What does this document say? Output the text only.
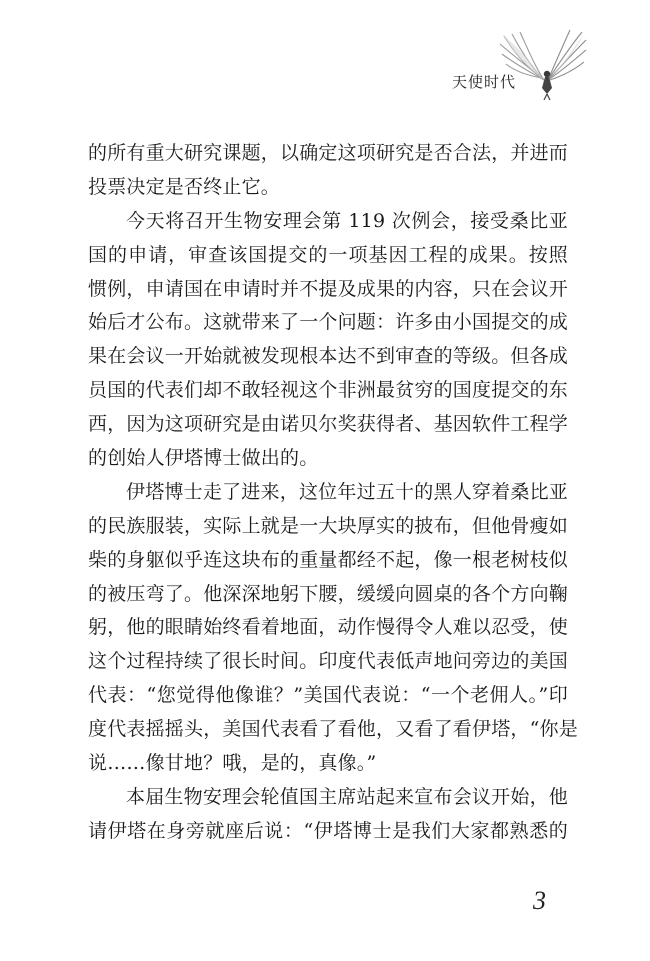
天使时代
的所有重大研究课题，以确定这项研究是否合法，并进而
投票决定是否终止它。
今天将召开生物安理会第 119 次例会，接受桑比亚
国的申请，审查该国提交的一项基因工程的成果。按照
惯例，申请国在申请时并不提及成果的内容，只在会议开
始后才公布。这就带来了一个问题：许多由小国提交的成
果在会议一开始就被发现根本达不到审查的等级。但各成
员国的代表们却不敢轻视这个非洲最贫穷的国度提交的东
西，因为这项研究是由诺贝尔奖获得者、基因软件工程学
的创始人伊塔博士做出的。
伊塔博士走了进来，这位年过五十的黑人穿着桑比亚
的民族服装，实际上就是一大块厚实的披布，但他骨瘦如
柴的身躯似乎连这块布的重量都经不起，像一根老树枝似
的被压弯了。他深深地躬下腰，缓缓向圆桌的各个方向鞠
躬，他的眼睛始终看着地面，动作慢得令人难以忍受，使
这个过程持续了很长时间。印度代表低声地问旁边的美国
代表：“您觉得他像谁？”美国代表说：“一个老佣人。”印
度代表摇摇头，美国代表看了看他，又看了看伊塔，“你是
说……像甘地？哦，是的，真像。”
本届生物安理会轮值国主席站起来宣布会议开始，他
请伊塔在身旁就座后说：“伊塔博士是我们大家都熟悉的
3
